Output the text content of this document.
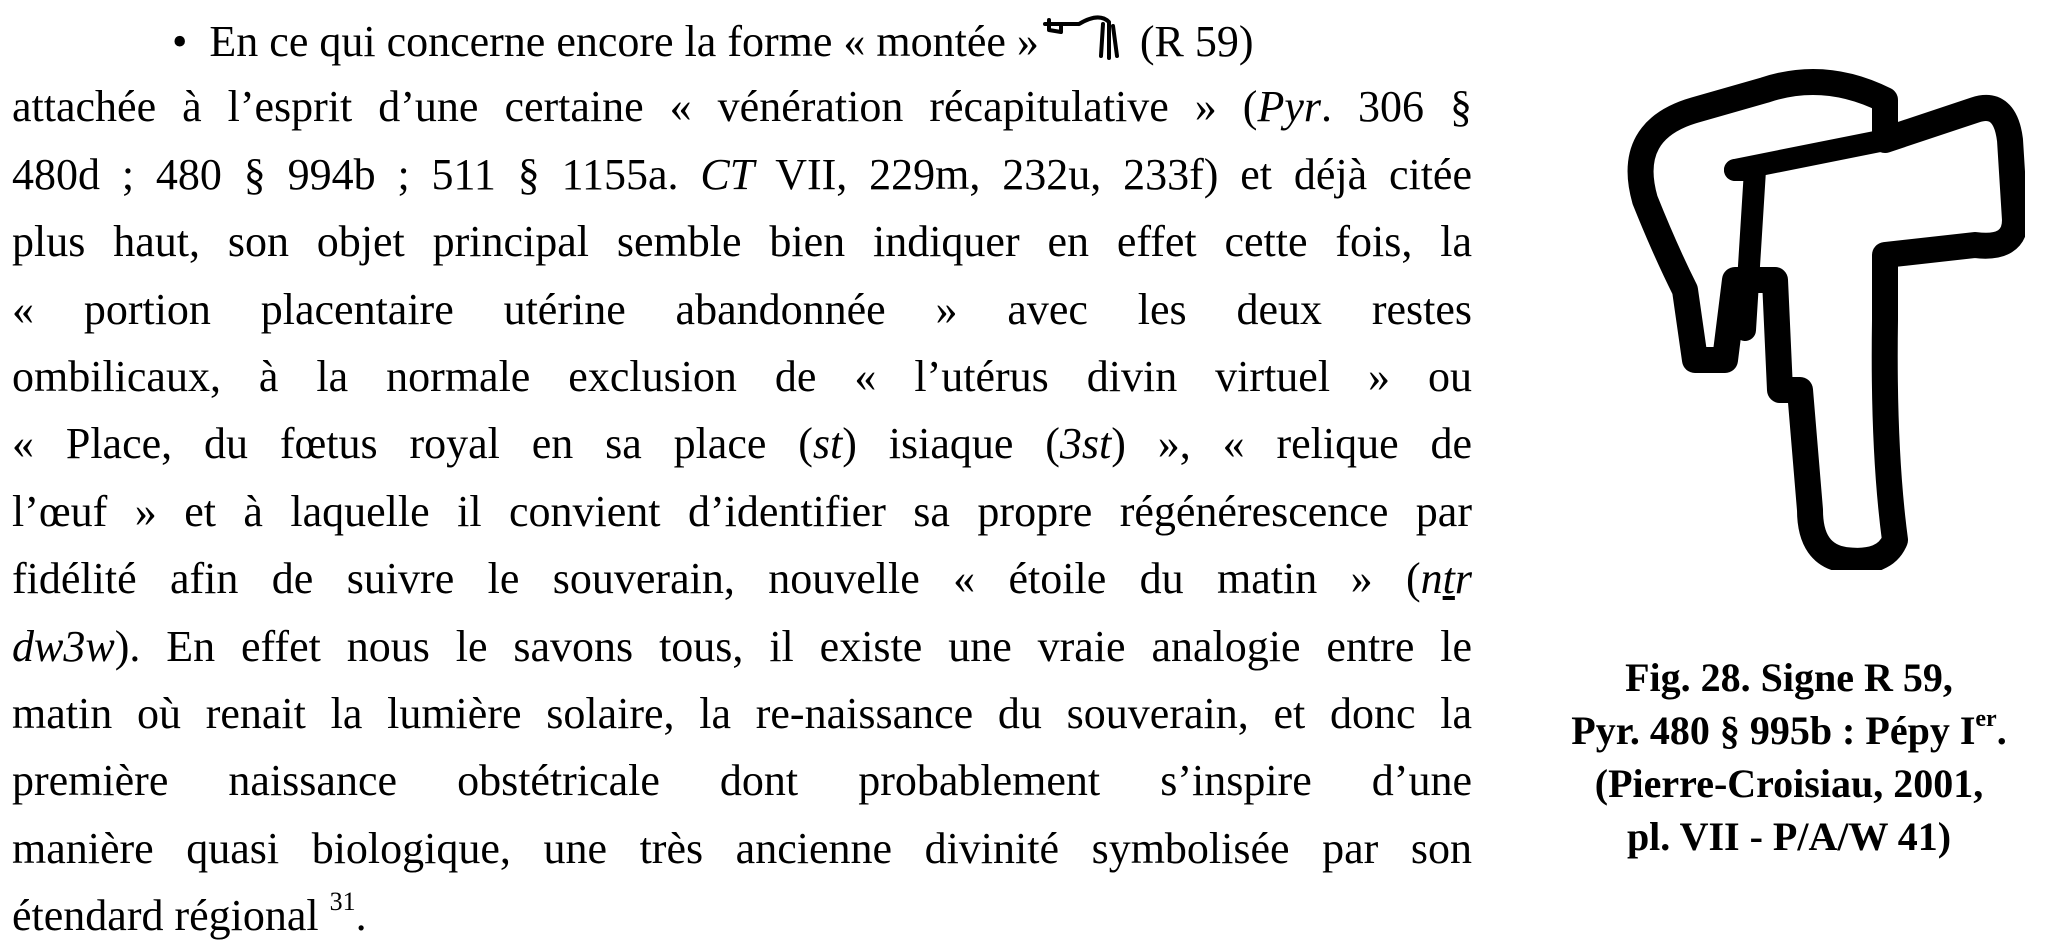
• En ce qui concerne encore la forme « montée » (R 59)
attachée à l’esprit d’une certaine « vénération récapitulative » (Pyr. 306 §
480d ; 480 § 994b ; 511 § 1155a. CT VII, 229m, 232u, 233f) et déjà citée
plus haut, son objet principal semble bien indiquer en effet cette fois, la
« portion placentaire utérine abandonnée » avec les deux restes
ombilicaux, à la normale exclusion de « l’utérus divin virtuel » ou
« Place, du fœtus royal en sa place (st) isiaque (3st) », « relique de
l’œuf » et à laquelle il convient d’identifier sa propre régénérescence par
fidélité afin de suivre le souverain, nouvelle « étoile du matin » (ntr
dw3w). En effet nous le savons tous, il existe une vraie analogie entre le
matin où renait la lumière solaire, la re-naissance du souverain, et donc la
première naissance obstétricale dont probablement s’inspire d’une
manière quasi biologique, une très ancienne divinité symbolisée par son
étendard régional $^{31}$.
Fig. 28. Signe R 59,
Pyr. 480 § 995b : Pépy Ier.
(Pierre-Croisiau, 2001,
pl. VII - P/A/W 41)
